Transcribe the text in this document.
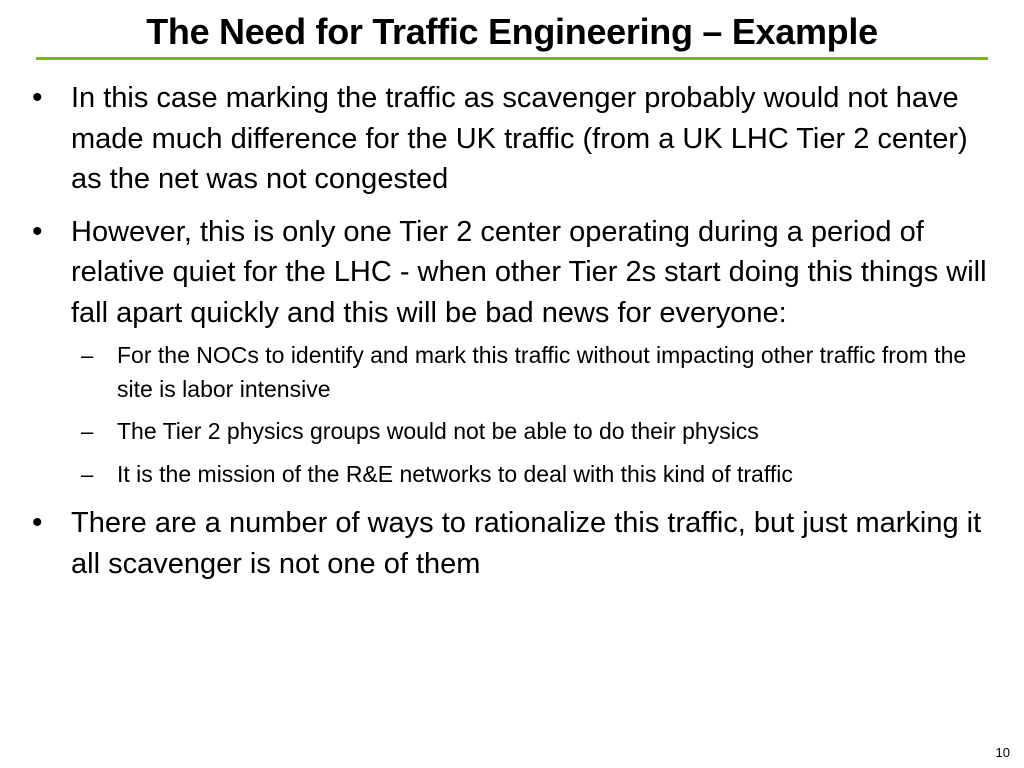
The Need for Traffic Engineering – Example
• In this case marking the traffic as scavenger probably would not have made much difference for the UK traffic (from a UK LHC Tier 2 center) as the net was not congested
• However, this is only one Tier 2 center operating during a period of relative quiet for the LHC - when other Tier 2s start doing this things will fall apart quickly and this will be bad news for everyone:
– For the NOCs to identify and mark this traffic without impacting other traffic from the site is labor intensive
– The Tier 2 physics groups would not be able to do their physics
– It is the mission of the R&E networks to deal with this kind of traffic
• There are a number of ways to rationalize this traffic, but just marking it all scavenger is not one of them
10
